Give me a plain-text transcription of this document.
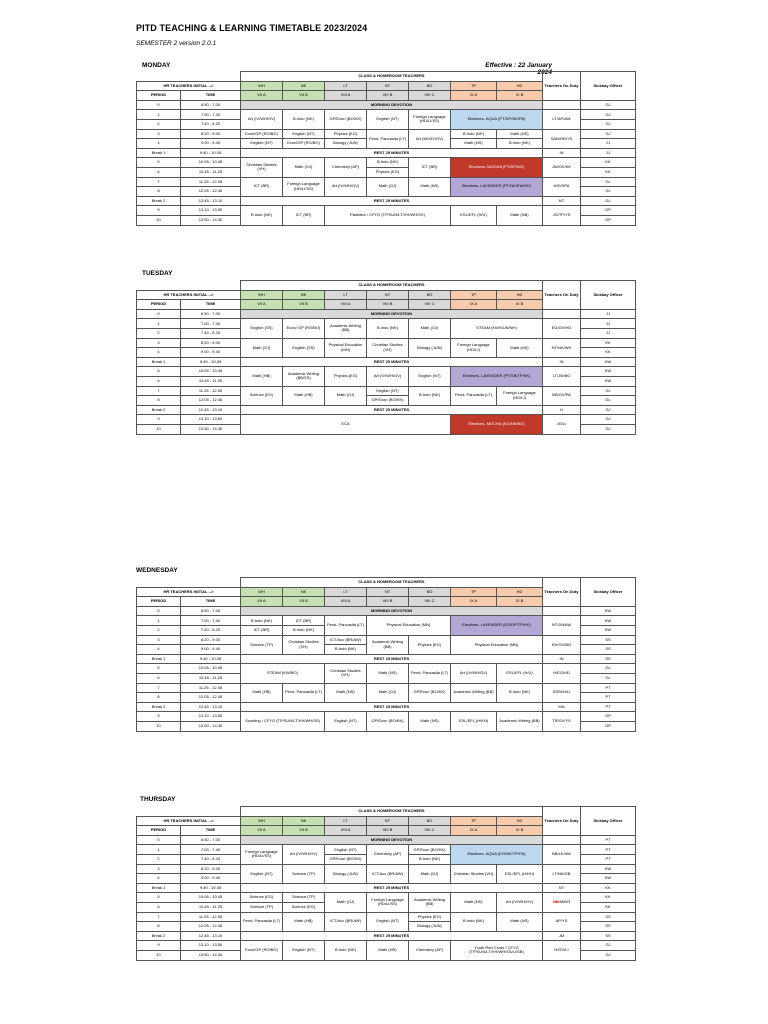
PITD TEACHING & LEARNING TIMETABLE 2023/2024
SEMESTER 2 version 2.0.1
Effective : 22 January 2024
MONDAY
		CLASS & HOMEROOM TEACHERS							Teachers On Duty	Sickbay Officer
HR TEACHERS INITIAL -->		WH	NK	LT	NT	BO	TP	HD		
PERIOD	TIME	VII A	VII B	VIII A	VIII B	VIII C	IX A	IX B		
0	6.50 - 7.00	MORNING DEVOTION								GJ
1	7.00 - 7.40	Art (IV/WH/GV)	B.Indo (NK)	GP/Econ (BO/KK)	English (NT)	Foreign Language (HD/LI/SS)	Electives- AQUA (PT/DP/NK/PA)		LT/AP/AW	GJ
2	7.40 - 8.20									GJ
3	8.20 - 9.00	Econ/GP (RO/BO)	English (NT)	Physics (EG)	Pend. Pancasila (LT)	Art (WH/IV/GV)	B.Indo (NK)	Math (NS)	SAN/HD/YS	GJ
4	9.00 - 9.40	English (NT)	Econ/GP (RO/BO)	Biology (JUN)			Math (NS)	B.Indo (NK)		JJ
Break 1	9.40 - 10.05	REST 25 MINUTES							IN	JJ
5	10.05 - 10.45	Christian Studies (VH)	Math (GJ)	Chemistry (AP)	B.Indo (NK)	ICT (BR)	Electives- MOCHA (PT/DP/BO)		JW/GV/KK	KK
6	10.45 - 11.25				Physics (EG)					KK
7	11.25 - 12.05	ICT (BR)	Foreign Language (HD/LI/SS)	Art (IV/WH/GV)	Math (GJ)	Math (NS)	Electives- LAVENDER (PT/NK/EW/KK)		H/EG/PA	GL
8	12.05 - 12.45									GL
Break 2	12.45 - 13.10	REST 25 MINUTES							NT	GL
9	13.10 - 13.50	B.Indo (NK)	ICT (BR)	Paskibra / CFYG (TP/SUN/LT/VH/WH/SS)			ESL/EFL (H/U)	Math (NB)	JG/TP/YS	GP
10	13.50 - 14.30									GP
TUESDAY
		CLASS & HOMEROOM TEACHERS							Teachers On Duty	Sickbay Officer
HR TEACHERS INITIAL -->		WH	NK	LT	NT	BO	TP	HD		
PERIOD	TIME	VII A	VII B	VIII A	VIII B	VIII C	IX A	IX B		
0	6.50 - 7.00	MORNING DEVOTION								JJ
1	7.00 - 7.40	English (SS)	Econ/ GP (RO/BO)	Academic Writing (BB)	B.Indo (NK)	Math (GJ)	STEAM (KW/SUN/NH)		EG/GV/HD	JJ
2	7.40 - 8.20									JJ
3	8.20 - 9.00	Math (GJ)	English (SS)	Physical Education (MN)	Christian Studies (VH)	Biology (JUN)	Foreign Language (HD/LI)	Math (NS)	NT/NK/WH	KK
4	9.00 - 9.40									KK
Break 1	9.40 - 10.05	REST 25 MINUTES							IN	KW
5	10.05 - 10.45	Math (HB)	Academic Writing (BB/SS)	Physics (EG)	Art (IV/WH/GV)	English (NT)	Electives- LAVENDER (PT/SB/TP/KK)		LT/JM/BO	KW
6	10.45 - 11.25									KW
7	11.25 - 12.05	Science (EG)	Math (HB)	Math (GJ)	English (NT)	B.Indo (NK)	Pend. Pancasila (LT)	Foreign Language (HD/LI)	BB/GV/PA	GL
8	12.05 - 12.45				GP/Econ (BO/KK)					GL
Break 2	12.45 - 13.10	REST 25 MINUTES							H	GJ
9	13.10 - 13.50	ECA					Electives- MOCHA (EG/NK/BO)		JG/LI	GJ
10	13.50 - 14.30									GJ
WEDNESDAY
		CLASS & HOMEROOM TEACHERS							Teachers On Duty	Sickbay Officer
HR TEACHERS INITIAL -->		WH	NK	LT	NT	BO	TP	HD		
PERIOD	TIME	VII A	VII B	VIII A	VIII B	VIII C	IX A	IX B		
0	6.50 - 7.00	MORNING DEVOTION								KW
1	7.00 - 7.40	B.Indo (NK)	ICT (BR)	Pend. Pancasila (LT)	Physical Education (MN)		Electives- LAVENDER (EG/DP/TP/KK)		NT/JM/AW	KW
2	7.40 - 8.20	ICT (BR)	B.Indo (NK)							KW
3	8.20 - 9.00	Science (TP)	Christian Studies (VH)	ICT/Acc (BR/AW)	Academic Writing (BB)	Physics (EG)	Physical Education (MN)		KH/GV/BO	SS
4	9.00 - 9.40			B.Indo (NK)						SS
Break 1	9.40 - 10.05	REST 25 MINUTES							IN	SS
5	10.05 - 10.45	STEAM (KW/BO)		Christian Studies (VH)	Math (NS)	Pend. Pancasila (LT)	Art (IV/WH/GV)	ESL/EFL (H/U)	H/EG/HD	GL
6	10.45 - 11.25									GL
7	11.25 - 12.05	Math (HB)	Pend. Pancasila (LT)	Math (NS)	Math (GJ)	GP/Econ (BO/KK)	Academic Writing (BB)	B.Indo (NK)	SS/WH/LI	PT
8	12.05 - 12.45									PT
Break 2	12.45 - 13.10	REST 25 MINUTES							MN	PT
9	13.10 - 13.50	Scouting / CFYG (TP/SUN/LT/VH/WH/SS)		English (NT)	GP/Econ (BO/KK)	Math (NS)	ESL/EFL (H/KH)	Academic Writing (BB)	TR/GV/YS	GP
10	13.50 - 14.30									GP
THURSDAY
		CLASS & HOMEROOM TEACHERS							Teachers On Duty	Sickbay Officer
HR TEACHERS INITIAL -->		WH	NK	LT	NT	BO	TP	HD		
PERIOD	TIME	VII A	VII B	VIII A	VIII B	VIII C	IX A	IX B		
0	6.50 - 7.00	MORNING DEVOTION								PT
1	7.00 - 7.40	Foreign Language (HD/LI/SS)	Art (IV/WH/GV)	English (NT)	Chemistry (AP)	GP/Econ (BO/KK)	Electives- AQUA (EG/NK/TP/PA)		BB/LE/AW	PT
2	7.40 - 8.20			GP/Econ (BO/KK)		B.Indo (NK)				PT
3	8.20 - 9.00	English (NT)	Science (TP)	Biology (JUN)	ICT/Acc (BR/AW)	Math (GJ)	Christian Studies (VH)	ESL/EFL (H/KH)	LT/NK/GB	KW
4	9.00 - 9.40									KW
Break 1	9.40 - 10.05	REST 25 MINUTES							NT	KK
5	10.05 - 10.45	Science (EG)	Science (TP)	Math (GJ)	Foreign Language (HD/LI/SS)	Academic Writing (BB)	Math (NS)	Art (IV/WH/GV)	NB/M/BO	KK
6	10.45 - 11.25	Science (TP)	Science (EG)							KK
7	11.25 - 12.05	Pend. Pancasila (LT)	Math (HB)	ICT/Acc (BR/AW)	English (NT)	Physics (EG)	B.Indo (NK)	Math (NS)	AP/YS	SS
8	12.05 - 12.45					Biology (JUN)				SS
Break 2	12.45 - 13.10	REST 25 MINUTES							JM	SS
9	13.10 - 13.50	Econ/GP (RO/BO)	English (NT)	B.Indo (NK)	Math (NS)	Chemistry (AP)	Youth Red Cross / CFYG (TP/SUN/LT/VH/WH/SS/LI/SB)		H/GV/LI	GJ
10	13.50 - 14.30									GJ
